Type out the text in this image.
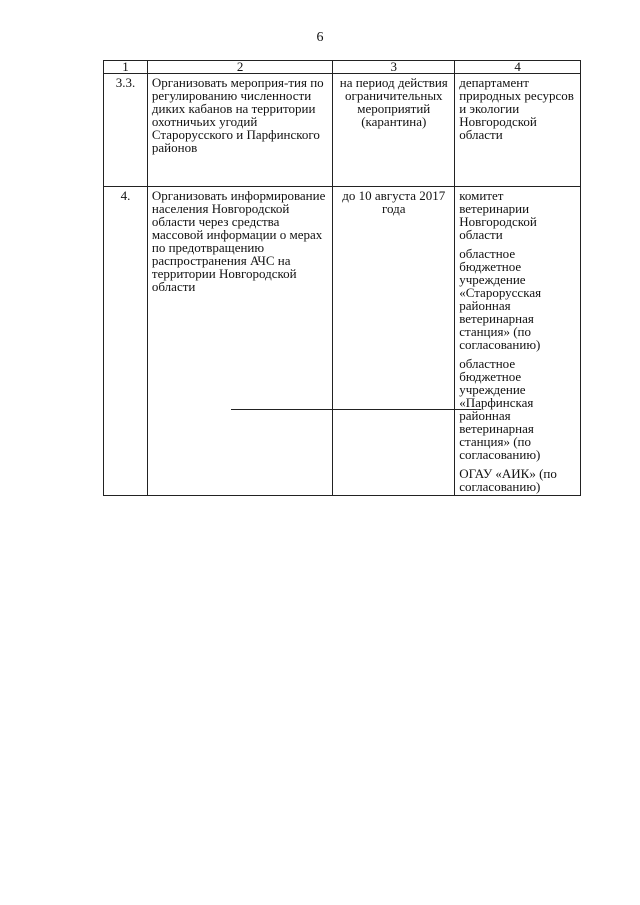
6
1	2	3	4
3.3.	Организовать мероприя-тия по регулированию численности диких кабанов на территории охотничьих угодий Старорусского и Парфинского районов	на период действия ограничительных мероприятий (карантина)	департамент природных ресурсов и экологии Новгородской области

4.	Организовать информирование населения Новгородской области через средства массовой информации о мерах по предотвращению распространения АЧС на территории Новгородской области	до 10 августа 2017 года	комитет ветеринарии Новгородской области
областное бюджетное учреждение «Старорусская районная ветеринарная станция» (по согласованию)
областное бюджетное учреждение «Парфинская районная ветеринарная станция» (по согласованию)
ОГАУ «АИК» (по согласованию)
